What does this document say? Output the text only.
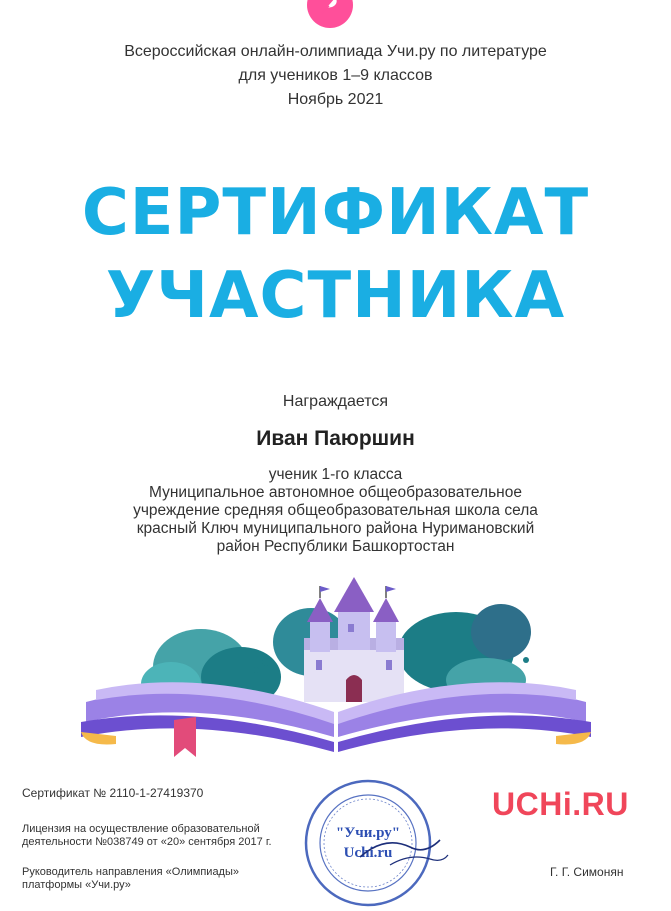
Всероссийская онлайн-олимпиада Учи.ру по литературе
для учеников 1–9 классов
Ноябрь 2021
СЕРТИФИКАТ
УЧАСТНИКА
Награждается
Иван Паюршин
ученик 1-го класса
Муниципальное автономное общеобразовательное
учреждение средняя общеобразовательная школа села
красный Ключ муниципального района Нуримановский
район Республики Башкортостан
Сертификат № 2110-1-27419370
Лицензия на осуществление образовательной
деятельности №038749 от «20» сентября 2017 г.
Руководитель направления «Олимпиады»
платформы «Учи.ру»
Г. Г. Симонян
UCHi.RU
"Учи.ру"
Uchi.ru
